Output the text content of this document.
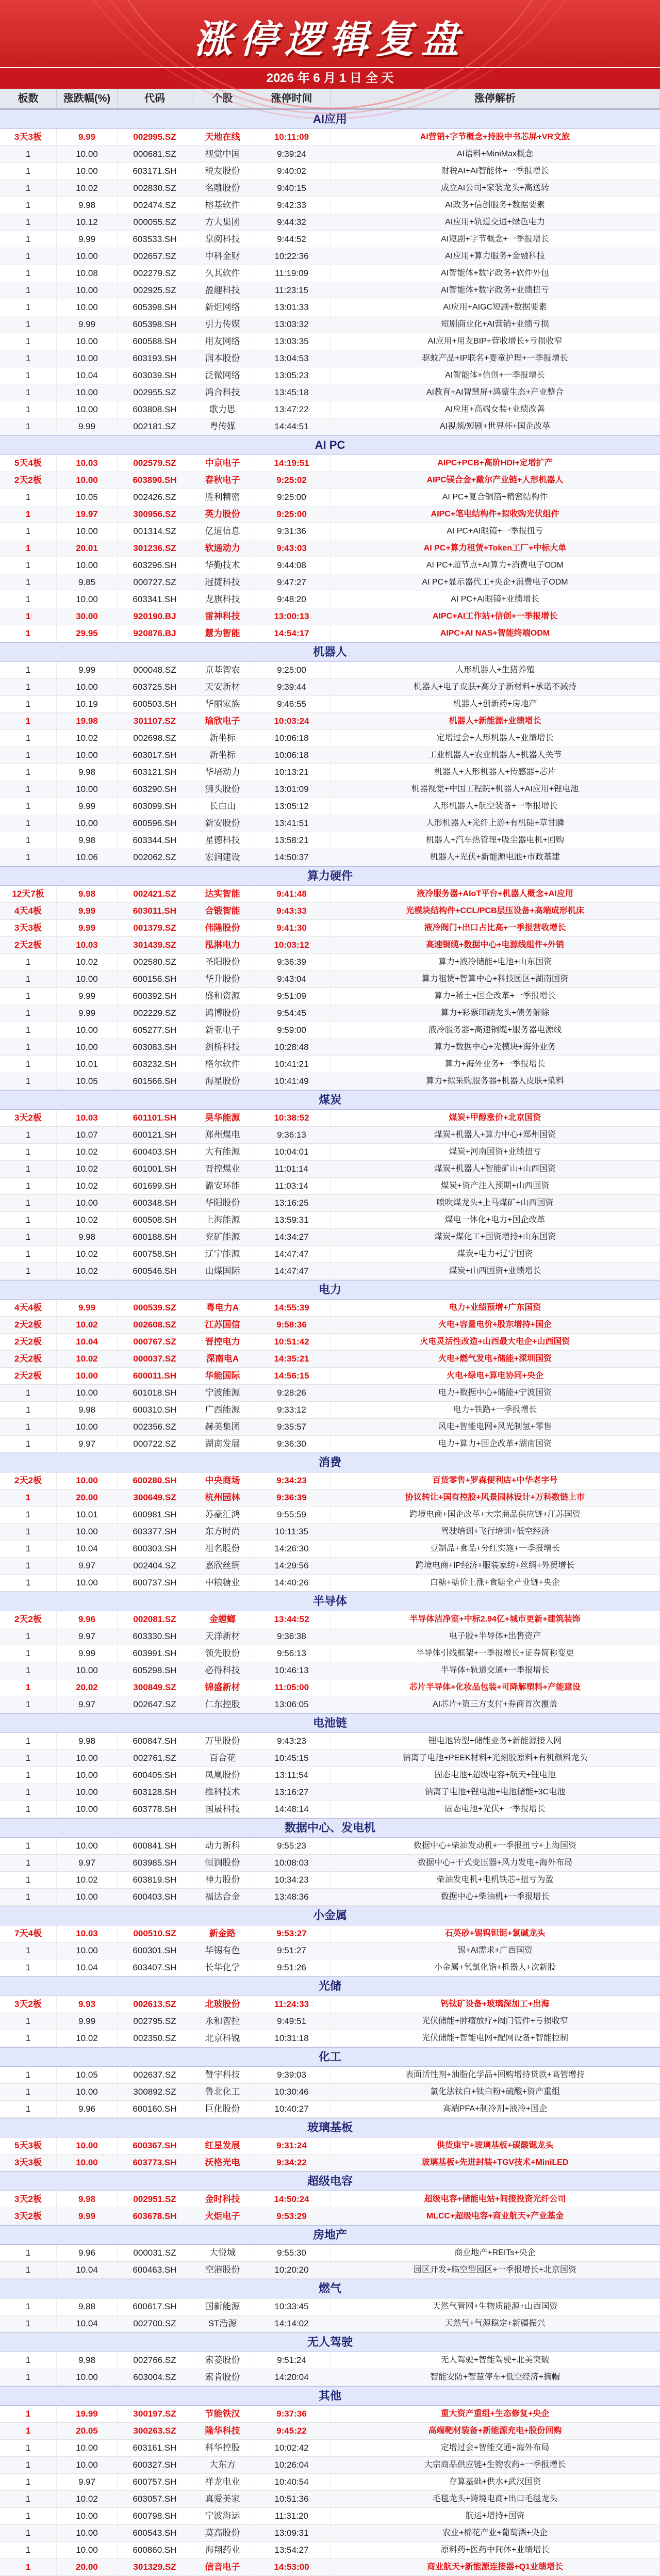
涨停逻辑复盘
2026 年 6 月 1 日 全 天
板数	涨跌幅(%)	代码	个股	涨停时间	涨停解析
AI应用
3天3板	9.99	002995.SZ	天地在线	10:11:09	AI营销+字节概念+持股中书芯屏+VR文旅
1	10.00	000681.SZ	视觉中国	9:39:24	AI语料+MiniMax概念
1	10.00	603171.SH	税友股份	9:40:02	财税AI+AI智能体+一季报增长
1	10.02	002830.SZ	名雕股份	9:40:15	成立AI公司+家装龙头+高送转
1	9.98	002474.SZ	榕基软件	9:42:33	AI政务+信创服务+数据要素
1	10.12	000055.SZ	方大集团	9:44:32	AI应用+轨道交通+绿色电力
1	9.99	603533.SH	掌阅科技	9:44:52	AI短剧+字节概念+一季报增长
1	10.00	002657.SZ	中科金财	10:22:36	AI应用+算力服务+金融科技
1	10.08	002279.SZ	久其软件	11:19:09	AI智能体+数字政务+软件外包
1	10.00	002925.SZ	盈趣科技	11:23:15	AI智能体+数字政务+业绩扭亏
1	10.00	605398.SH	新炬网络	13:01:33	AI应用+AIGC短剧+数据要素
1	9.99	605398.SH	引力传媒	13:03:32	短剧商业化+AI营销+业绩亏损
1	10.00	600588.SH	用友网络	13:03:35	AI应用+用友BIP+营收增长+亏损收窄
1	10.00	603193.SH	润本股份	13:04:53	驱蚊产品+IP联名+婴童护理+一季报增长
1	10.04	603039.SH	泛微网络	13:05:23	AI智能体+信创+一季报增长
1	10.00	002955.SZ	鸿合科技	13:45:18	AI教育+AI智慧屏+鸿蒙生态+产业整合
1	10.00	603808.SH	歌力思	13:47:22	AI应用+高端女装+业绩改善
1	9.99	002181.SZ	粤传媒	14:44:51	AI视频/短剧+世界杯+国企改革
AI PC
5天4板	10.03	002579.SZ	中京电子	14:19:51	AIPC+PCB+高阶HDI+定增扩产
2天2板	10.00	603890.SH	春秋电子	9:25:02	AIPC镁合金+戴尔产业链+人形机器人
1	10.05	002426.SZ	胜利精密	9:25:00	AI PC+复合铜箔+精密结构件
1	19.97	300956.SZ	英力股份	9:25:00	AIPC+笔电结构件+拟收购光伏组件
1	10.00	001314.SZ	亿道信息	9:31:36	AI PC+AI眼镜+一季报扭亏
1	20.01	301236.SZ	软通动力	9:43:03	AI PC+算力租赁+Token工厂+中标大单
1	10.00	603296.SH	华勤技术	9:44:08	AI PC+超节点+AI算力+消费电子ODM
1	9.85	000727.SZ	冠捷科技	9:47:27	AI PC+显示器代工+央企+消费电子ODM
1	10.00	603341.SH	龙旗科技	9:48:20	AI PC+AI眼镜+业绩增长
1	30.00	920190.BJ	雷神科技	13:00:13	AIPC+AI工作站+信创+一季报增长
1	29.95	920876.BJ	慧为智能	14:54:17	AIPC+AI NAS+智能终端ODM
机器人
1	9.99	000048.SZ	京基智农	9:25:00	人形机器人+生猪养殖
1	10.00	603725.SH	天安新材	9:39:44	机器人+电子皮肤+高分子新材料+承诺不减持
1	10.19	600503.SH	华丽家族	9:46:55	机器人+创新药+房地产
1	19.98	301107.SZ	瑜欣电子	10:03:24	机器人+新能源+业绩增长
1	10.02	002698.SZ	新坐标	10:06:18	定增过会+人形机器人+业绩增长
1	10.00	603017.SH	新坐标	10:06:18	工业机器人+农业机器人+机器人关节
1	9.98	603121.SH	华培动力	10:13:21	机器人+人形机器人+传感器+芯片
1	10.00	603290.SH	狮头股份	13:01:09	机器视觉+中国工程院+机器人+AI应用+锂电池
1	9.99	603099.SH	长白山	13:05:12	人形机器人+航空装备+一季报增长
1	10.00	600596.SH	新安股份	13:41:51	人形机器人+光纤上游+有机硅+草甘膦
1	9.98	603344.SH	星德科技	13:58:21	机器人+汽车热管理+吸尘器电机+回购
1	10.06	002062.SZ	宏润建设	14:50:37	机器人+光伏+新能源电池+市政基建
算力硬件
12天7板	9.98	002421.SZ	达实智能	9:41:48	液冷服务器+AIoT平台+机器人概念+AI应用
4天4板	9.99	603011.SH	合锻智能	9:43:33	光模块结构件+CCL/PCB层压设备+高端成形机床
3天3板	9.99	001379.SZ	伟隆股份	9:41:30	液冷阀门+出口占比高+一季报营收增长
2天2板	10.03	301439.SZ	泓淋电力	10:03:12	高速铜缆+数据中心+电源线组件+外销
1	10.02	002580.SZ	圣阳股份	9:36:39	算力+液冷储能+电池+山东国资
1	10.00	600156.SH	华升股份	9:43:04	算力租赁+智算中心+科技园区+湖南国资
1	9.99	600392.SH	盛和资源	9:51:09	算力+稀土+国企改革+一季报增长
1	9.99	002229.SZ	鸿博股份	9:54:45	算力+彩票印刷龙头+债务解除
1	10.00	605277.SH	新亚电子	9:59:00	液冷服务器+高速铜缆+服务器电源线
1	10.00	603083.SH	剑桥科技	10:28:48	算力+数据中心+光模块+海外业务
1	10.01	603232.SH	格尔软件	10:41:21	算力+海外业务+一季报增长
1	10.05	601566.SH	海星股份	10:41:49	算力+拟采购服务器+机器人皮肤+染料
煤炭
3天2板	10.03	601101.SH	昊华能源	10:38:52	煤炭+甲醇涨价+北京国资
1	10.07	600121.SH	郑州煤电	9:36:13	煤炭+机器人+算力中心+郑州国资
1	10.02	600403.SH	大有能源	10:04:01	煤炭+河南国资+业绩扭亏
1	10.02	601001.SH	晋控煤业	11:01:14	煤炭+机器人+智能矿山+山西国资
1	10.02	601699.SH	潞安环能	11:03:14	煤炭+资产注入预期+山西国资
1	10.00	600348.SH	华阳股份	13:16:25	喷吹煤龙头+上马煤矿+山西国资
1	10.02	600508.SH	上海能源	13:59:31	煤电一体化+电力+国企改革
1	9.98	600188.SH	兖矿能源	14:34:27	煤炭+煤化工+国资增持+山东国资
1	10.02	600758.SH	辽宁能源	14:47:47	煤炭+电力+辽宁国资
1	10.02	600546.SH	山煤国际	14:47:47	煤炭+山西国资+业绩增长
电力
4天4板	9.99	000539.SZ	粤电力A	14:55:39	电力+业绩预增+广东国资
2天2板	10.02	002608.SZ	江苏国信	9:58:36	火电+容量电价+股东增持+国企
2天2板	10.04	000767.SZ	晋控电力	10:51:42	火电灵活性改造+山西最大电企+山西国资
2天2板	10.02	000037.SZ	深南电A	14:35:21	火电+燃气发电+储能+深圳国资
2天2板	10.00	600011.SH	华能国际	14:56:15	火电+绿电+算电协同+央企
1	10.00	601018.SH	宁波能源	9:28:26	电力+数据中心+储能+宁波国资
1	9.98	600310.SH	广西能源	9:33:12	电力+铁路+一季报增长
1	10.00	002356.SZ	赫美集团	9:35:57	风电+智能电网+风光制氢+零售
1	9.97	000722.SZ	湖南发展	9:36:30	电力+算力+国企改革+湖南国资
消费
2天2板	10.00	600280.SH	中央商场	9:34:23	百货零售+罗森便利店+中华老字号
1	20.00	300649.SZ	杭州园林	9:36:39	协议转让+国有控股+风景园林设计+万科数链上市
1	10.01	600981.SH	苏豪汇鸿	9:55:59	跨境电商+国企改革+大宗商品供应链+江苏国资
1	10.00	603377.SH	东方时尚	10:11:35	驾驶培训+飞行培训+低空经济
1	10.04	600303.SH	祖名股份	14:26:30	豆制品+食品+分红实施+一季报增长
1	9.97	002404.SZ	嘉欣丝绸	14:29:56	跨境电商+IP经济+服装家纺+丝绸+外贸增长
1	10.00	600737.SH	中粮糖业	14:40:26	白糖+糖价上涨+食糖全产业链+央企
半导体
2天2板	9.96	002081.SZ	金螳螂	13:44:52	半导体洁净室+中标2.94亿+城市更新+建筑装饰
1	9.97	603330.SH	天洋新材	9:36:38	电子胶+半导体+出售资产
1	9.99	603991.SH	领先股份	9:56:13	半导体引线框架+一季报增长+证券简称变更
1	10.00	605298.SH	必得科技	10:46:13	半导体+轨道交通+一季报增长
1	20.02	300849.SZ	锦盛新材	11:05:00	芯片半导体+化妆品包装+可降解塑料+产能建设
1	9.97	002647.SZ	仁东控股	13:06:05	AI芯片+第三方支付+券商首次覆盖
电池链
1	9.98	600847.SH	万里股份	9:43:23	锂电池转型+储能业务+新能源接入网
1	10.00	002761.SZ	百合花	10:45:15	钠离子电池+PEEK材料+光刻胶原料+有机颜料龙头
1	10.00	600405.SH	凤凰股份	13:11:54	固态电池+超级电容+航天+锂电池
1	10.00	603128.SH	维科技术	13:16:27	钠离子电池+锂电池+电池储能+3C电池
1	10.00	603778.SH	国晟科技	14:48:14	固态电池+光伏+一季报增长
数据中心、发电机
1	10.00	600841.SH	动力新科	9:55:23	数据中心+柴油发动机+一季报扭亏+上海国资
1	9.97	603985.SH	恒润股份	10:08:03	数据中心+干式变压器+风力发电+海外布局
1	10.02	603819.SH	神力股份	10:34:23	柴油发电机+电机铁芯+扭亏为盈
1	10.00	600403.SH	福达合金	13:48:36	数据中心+柴油机+一季报增长
小金属
7天4板	10.03	000510.SZ	新金路	9:53:27	石英砂+锡钨钽铌+氯碱龙头
1	10.00	600301.SH	华锡有色	9:51:27	锡+AI需求+广西国资
1	10.04	603407.SH	长华化学	9:51:26	小金属+氧氯化锆+机器人+次新股
光储
3天2板	9.93	002613.SZ	北玻股份	11:24:33	钙钛矿设备+玻璃深加工+出海
1	9.99	002795.SZ	永和智控	9:49:51	光伏储能+肿瘤放疗+阀门管件+亏损收窄
1	10.02	002350.SZ	北京科锐	10:31:18	光伏储能+智能电网+配网设备+智能控制
化工
1	10.05	002637.SZ	赞宇科技	9:39:03	表面活性剂+油脂化学品+回购增持贷款+高管增持
1	10.00	300892.SZ	鲁北化工	10:30:46	氯化法钛白+钛白粉+硫酸+资产重组
1	9.96	600160.SH	巨化股份	10:40:27	高端PFA+制冷剂+液冷+国企
玻璃基板
5天3板	10.00	600367.SH	红星发展	9:31:24	供货康宁+玻璃基板+碳酸锶龙头
3天3板	10.00	603773.SH	沃格光电	9:34:22	玻璃基板+先进封装+TGV技术+MiniLED
超级电容
3天2板	9.98	002951.SZ	金时科技	14:50:24	超级电容+储能电站+间接投资光纤公司
3天2板	9.99	603678.SH	火炬电子	9:53:29	MLCC+超级电容+商业航天+产业基金
房地产
1	9.96	000031.SZ	大悦城	9:55:30	商业地产+REITs+央企
1	10.04	600463.SH	空港股份	10:20:20	园区开发+临空型园区+一季报增长+北京国资
燃气
1	9.88	600617.SH	国新能源	10:33:45	天然气管网+生物质能源+山西国资
1	10.04	002700.SZ	ST浩源	14:14:02	天然气+气源稳定+新疆振兴
无人驾驶
1	9.98	002766.SZ	索菱股份	9:51:24	无人驾驶+智能驾驶+北美突破
1	10.00	603004.SZ	索肯股份	14:20:04	智能安防+智慧停车+低空经济+摘帽
其他
1	19.99	300197.SZ	节能铁汉	9:37:36	重大资产重组+生态修复+央企
1	20.05	300263.SZ	隆华科技	9:45:22	高端靶材装备+新能源充电+股份回购
1	10.00	603161.SH	科华控股	10:02:42	定增过会+智能交通+海外布局
1	10.00	600327.SH	大东方	10:26:04	大宗商品供应链+生物农药+一季报增长
1	9.97	600757.SH	祥龙电业	10:40:54	存算基础+供水+武汉国资
1	10.02	603057.SH	真爱美家	10:51:36	毛毯龙头+跨境电商+出口毛毯龙头
1	10.00	600798.SH	宁波海运	11:31:20	航运+增持+国资
1	10.00	600543.SH	莫高股份	13:09:31	农业+棉花产业+葡萄酒+央企
1	10.00	600860.SH	海翔药业	13:54:27	原料药+医药中间体+业绩增长
1	20.00	301329.SZ	信音电子	14:53:00	商业航天+新能源连接器+Q1业绩增长
